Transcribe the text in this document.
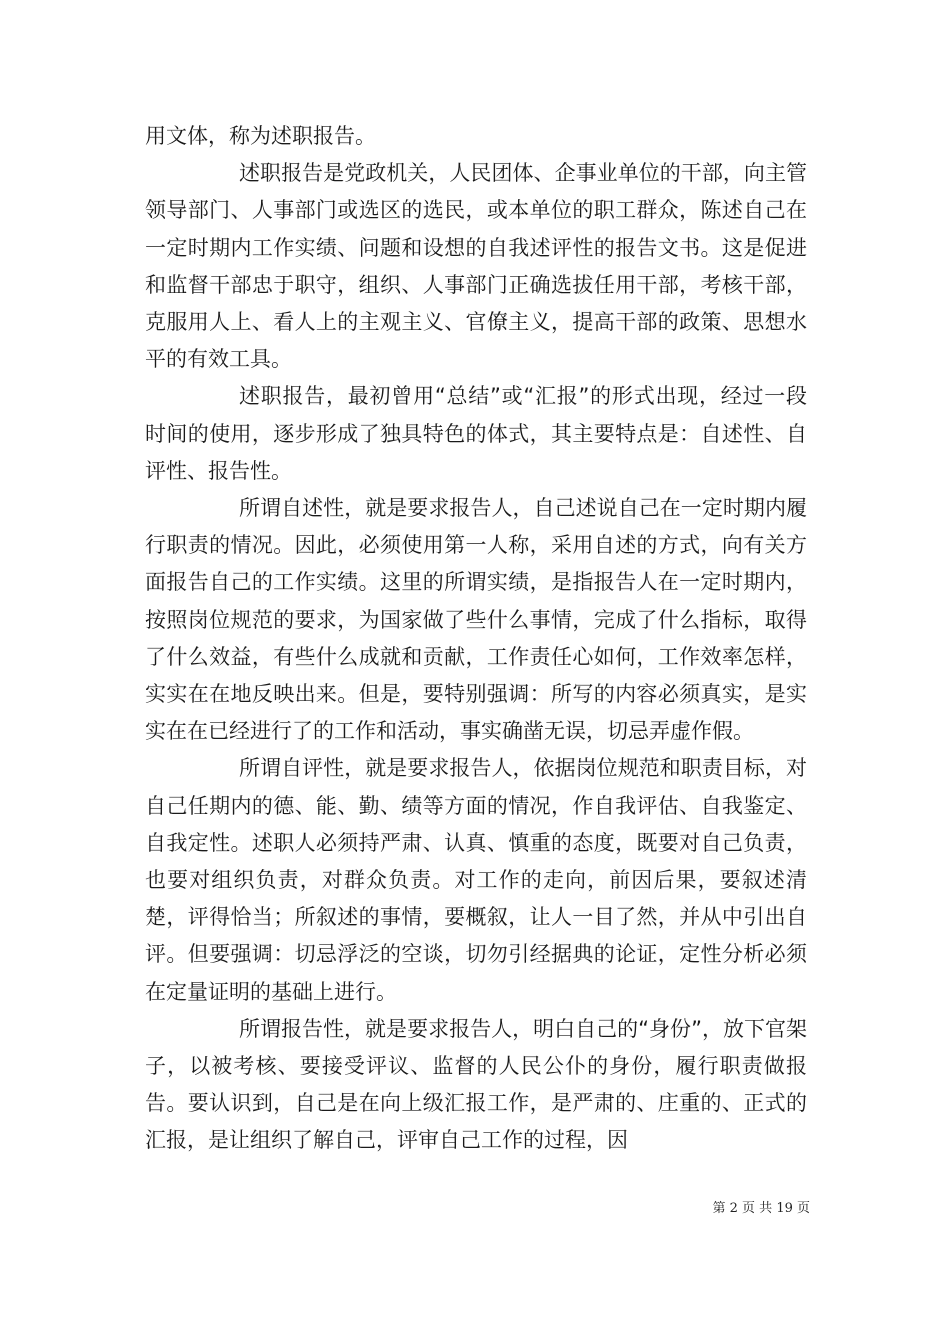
用文体，称为述职报告。

述职报告是党政机关，人民团体、企事业单位的干部，向主管领导部门、人事部门或选区的选民，或本单位的职工群众，陈述自己在一定时期内工作实绩、问题和设想的自我述评性的报告文书。这是促进和监督干部忠于职守，组织、人事部门正确选拔任用干部，考核干部，克服用人上、看人上的主观主义、官僚主义，提高干部的政策、思想水平的有效工具。

述职报告，最初曾用“总结”或“汇报”的形式出现，经过一段时间的使用，逐步形成了独具特色的体式，其主要特点是：自述性、自评性、报告性。

所谓自述性，就是要求报告人，自己述说自己在一定时期内履行职责的情况。因此，必须使用第一人称，采用自述的方式，向有关方面报告自己的工作实绩。这里的所谓实绩，是指报告人在一定时期内，按照岗位规范的要求，为国家做了些什么事情，完成了什么指标，取得了什么效益，有些什么成就和贡献，工作责任心如何，工作效率怎样，实实在在地反映出来。但是，要特别强调：所写的内容必须真实，是实实在在已经进行了的工作和活动，事实确凿无误，切忌弄虚作假。

所谓自评性，就是要求报告人，依据岗位规范和职责目标，对自己任期内的德、能、勤、绩等方面的情况，作自我评估、自我鉴定、自我定性。述职人必须持严肃、认真、慎重的态度，既要对自己负责，也要对组织负责，对群众负责。对工作的走向，前因后果，要叙述清楚，评得恰当；所叙述的事情，要概叙，让人一目了然，并从中引出自评。但要强调：切忌浮泛的空谈，切勿引经据典的论证，定性分析必须在定量证明的基础上进行。

所谓报告性，就是要求报告人，明白自己的“身份”，放下官架子，以被考核、要接受评议、监督的人民公仆的身份，履行职责做报告。要认识到，自己是在向上级汇报工作，是严肃的、庄重的、正式的汇报，是让组织了解自己，评审自己工作的过程，因

第 2 页 共 19 页
